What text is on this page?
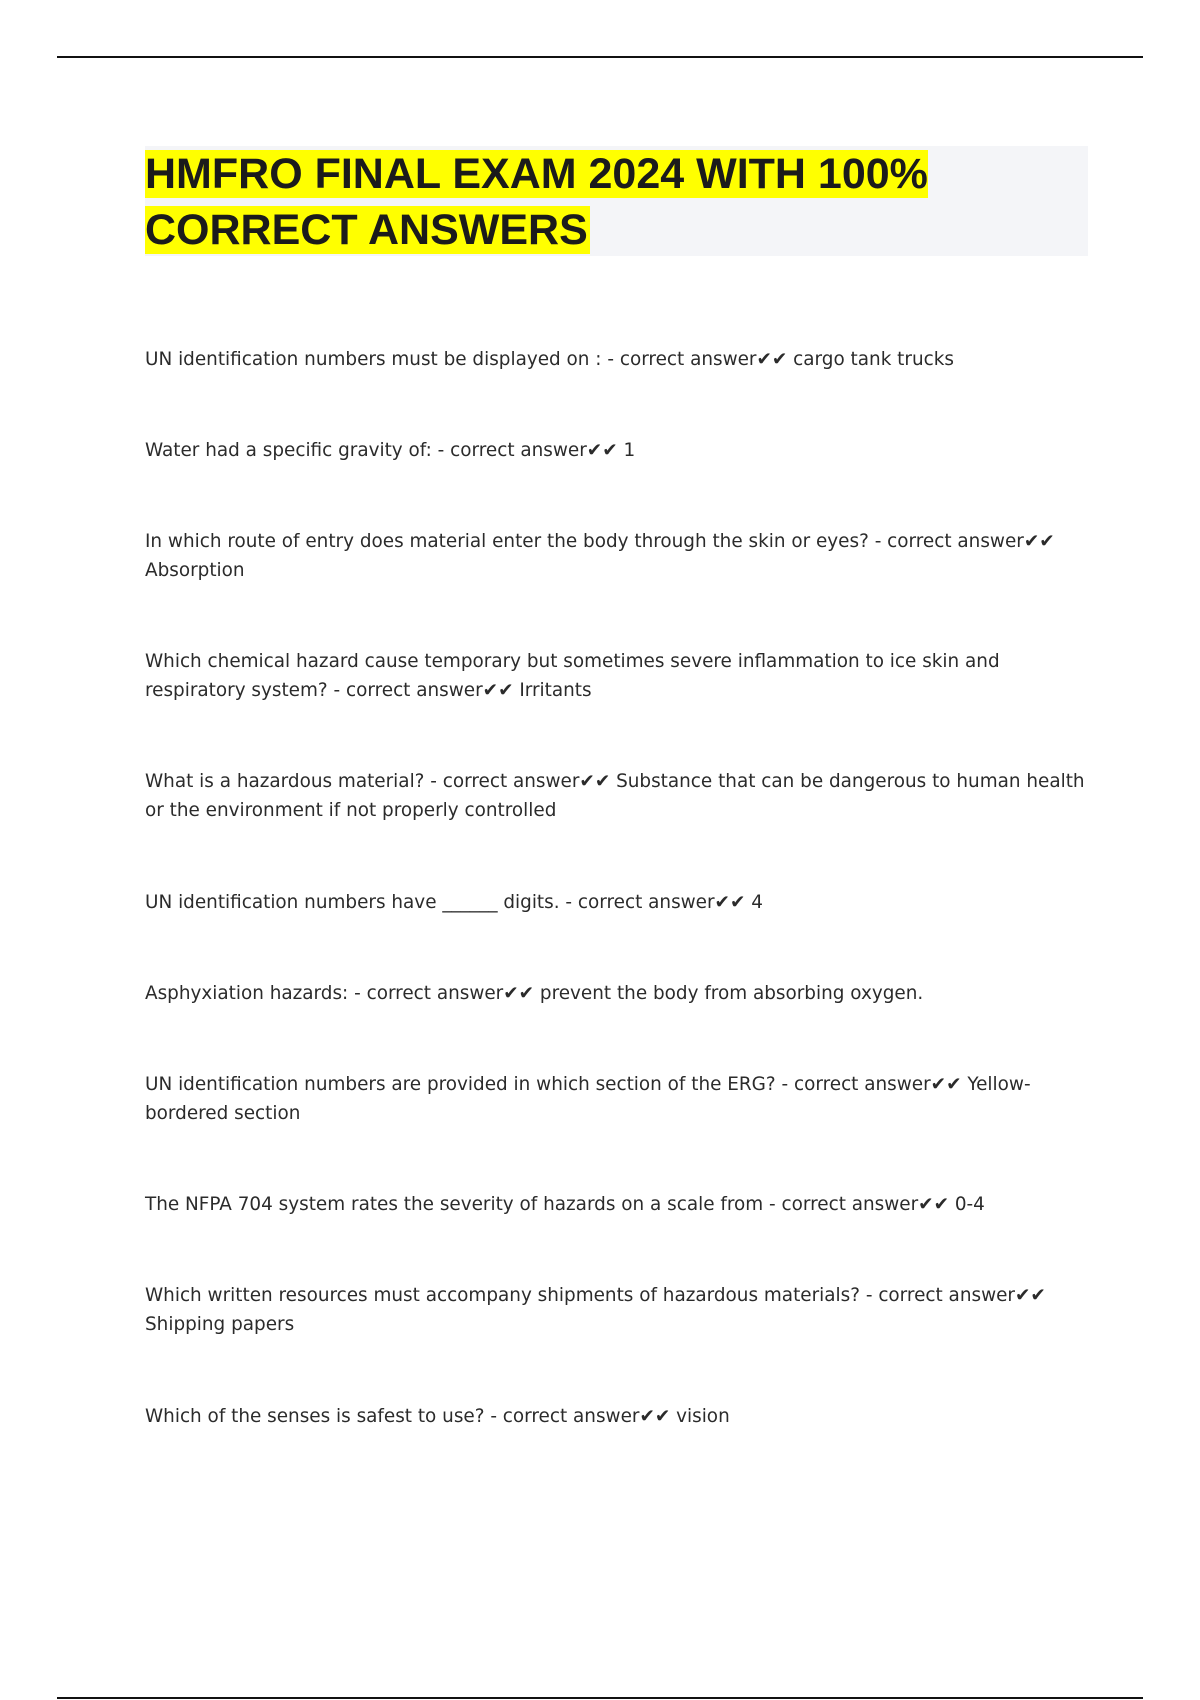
HMFRO FINAL EXAM 2024 WITH 100% CORRECT ANSWERS

UN identification numbers must be displayed on : - correct answer✔✔ cargo tank trucks

Water had a specific gravity of: - correct answer✔✔ 1

In which route of entry does material enter the body through the skin or eyes? - correct answer✔✔ Absorption

Which chemical hazard cause temporary but sometimes severe inflammation to ice skin and respiratory system? - correct answer✔✔ Irritants

What is a hazardous material? - correct answer✔✔ Substance that can be dangerous to human health or the environment if not properly controlled

UN identification numbers have ______ digits. - correct answer✔✔ 4

Asphyxiation hazards: - correct answer✔✔ prevent the body from absorbing oxygen.

UN identification numbers are provided in which section of the ERG? - correct answer✔✔ Yellow-bordered section

The NFPA 704 system rates the severity of hazards on a scale from - correct answer✔✔ 0-4

Which written resources must accompany shipments of hazardous materials? - correct answer✔✔ Shipping papers

Which of the senses is safest to use? - correct answer✔✔ vision
